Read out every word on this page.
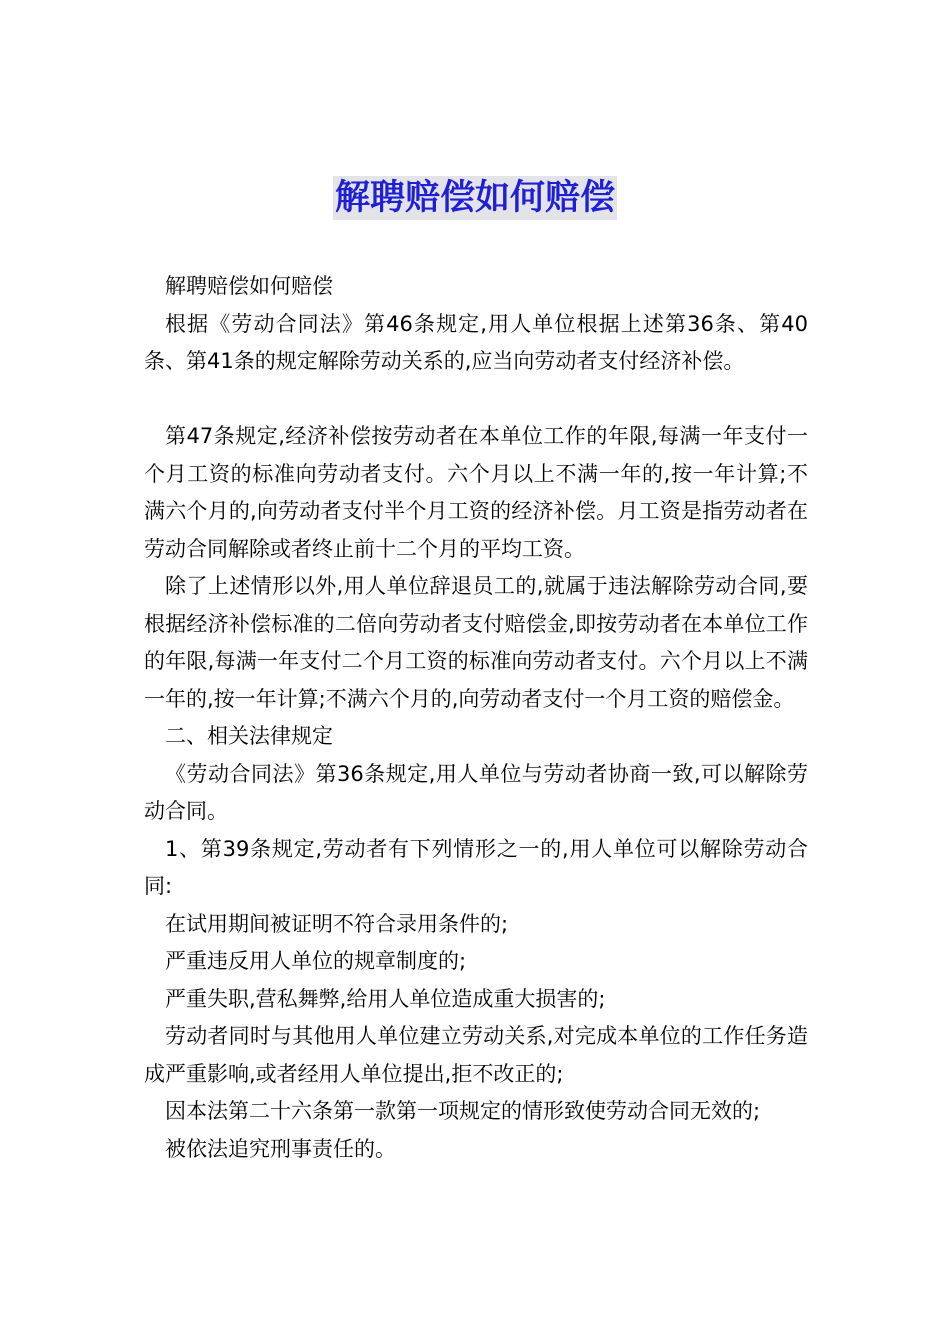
解聘赔偿如何赔偿

解聘赔偿如何赔偿

根据《劳动合同法》第46条规定,用人单位根据上述第36条、第40条、第41条的规定解除劳动关系的,应当向劳动者支付经济补偿。

第47条规定,经济补偿按劳动者在本单位工作的年限,每满一年支付一个月工资的标准向劳动者支付。六个月以上不满一年的,按一年计算;不满六个月的,向劳动者支付半个月工资的经济补偿。月工资是指劳动者在劳动合同解除或者终止前十二个月的平均工资。

除了上述情形以外,用人单位辞退员工的,就属于违法解除劳动合同,要根据经济补偿标准的二倍向劳动者支付赔偿金,即按劳动者在本单位工作的年限,每满一年支付二个月工资的标准向劳动者支付。六个月以上不满一年的,按一年计算;不满六个月的,向劳动者支付一个月工资的赔偿金。

二、相关法律规定

《劳动合同法》第36条规定,用人单位与劳动者协商一致,可以解除劳动合同。

1、第39条规定,劳动者有下列情形之一的,用人单位可以解除劳动合同:

在试用期间被证明不符合录用条件的;

严重违反用人单位的规章制度的;

严重失职,营私舞弊,给用人单位造成重大损害的;

劳动者同时与其他用人单位建立劳动关系,对完成本单位的工作任务造成严重影响,或者经用人单位提出,拒不改正的;

因本法第二十六条第一款第一项规定的情形致使劳动合同无效的;

被依法追究刑事责任的。
